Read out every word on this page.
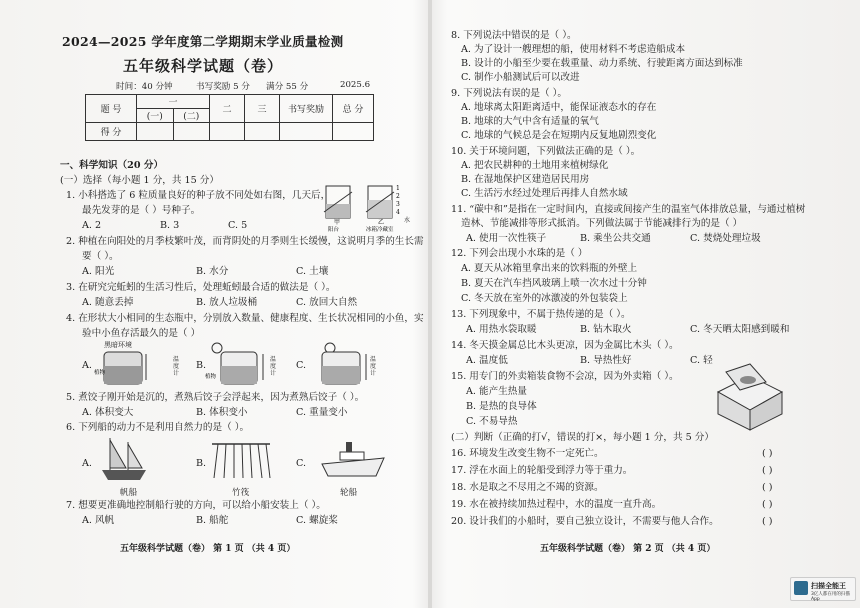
2024—2025 学年度第二学期期末学业质量检测
五年级科学试题（卷）
时间：40 分钟	书写奖励 5 分 满分 55 分	2025.6
题 号	一		二	三	书写奖励	总 分
	(一)	(二)				
得 分						
一、科学知识（20 分）
(一）选择（每小题 1 分，共 15 分）
1. 小科搭选了 6 粒质量良好的种子放不同处如右图，几天后，
最先发芽的是（ ）号种子。
A. 2	B. 3	C. 5
1
2
3
4
甲	乙	水
阳台	冰箱冷藏室
2. 种植在向阳处的月季枝繁叶茂，而背阴处的月季则生长缓慢，这说明月季的生长需
要（ ）。
A. 阳光	B. 水分	C. 土壤
3. 在研究完蚯蚓的生活习性后，处理蚯蚓最合适的做法是（ ）。
A. 随意丢掉	B. 放人垃圾桶	C. 放回大自然
4. 在形状大小相同的生态瓶中，分别放入数量、健康程度、生长状况相同的小鱼，实
验中小鱼存活最久的是（ ）
黑暗环境
A.	B.	C.
植物
植物
温度计
温度计
温度计
5. 煮饺子刚开始是沉的，煮熟后饺子会浮起来，因为煮熟后饺子（ ）。
A. 体积变大	B. 体积变小	C. 重量变小
6. 下列船的动力不是利用自然力的是（ ）。
A.	B.	C.
帆船	竹筏	轮船
7. 想要更准确地控制船行驶的方向，可以给小船安装上（ ）。
A. 风帆	B. 船舵	C. 螺旋桨
五年级科学试题（卷） 第 1 页 （共 4 页）
8. 下列说法中错误的是（ ）。
A. 为了设计一艘理想的船，使用材料不考虑造船成本
B. 设计的小船至少要在载重量、动力系统、行驶距离方面达到标准
C. 制作小船测试后可以改进
9. 下列说法有误的是（ ）。
A. 地球离太阳距离适中，能保证液态水的存在
B. 地球的大气中含有适量的氧气
C. 地球的气候总是会在短期内反复地剧烈变化
10. 关于环境问题，下列做法正确的是（ ）。
A. 把农民耕种的土地用来植树绿化
B. 在湿地保护区建造居民用房
C. 生活污水经过处理后再排人自然水域
11. “碳中和”是指在一定时间内，直接或间接产生的温室气体排放总量，与通过植树
造林、节能减排等形式抵消。下列做法属于节能减排行为的是（ ）
A. 使用一次性筷子	B. 乘坐公共交通	C. 焚烧处理垃圾
12. 下列会出现小水珠的是（ ）
A. 夏天从冰箱里拿出来的饮料瓶的外壁上
B. 夏天在汽车挡风玻璃上喷一次水过十分钟
C. 冬天放在室外的冰激凌的外包装袋上
13. 下列现象中，不属于热传递的是（ ）。
A. 用热水袋取暖	B. 钻木取火	C. 冬天晒太阳感到暖和
14. 冬天摸金属总比木头更凉，因为金属比木头（ ）。
A. 温度低	B. 导热性好	C. 轻
15. 用专门的外卖箱装食物不会凉，因为外卖箱（ ）。
A. 能产生热量
B. 是热的良导体
C. 不易导热
(二）判断（正确的打√，错误的打×，每小题 1 分，共 5 分）
16. 环境发生改变生物不一定死亡。
17. 浮在水面上的轮船受到浮力等于重力。
18. 水是取之不尽用之不竭的资源。
19. 水在被持续加热过程中，水的温度一直升高。
20. 设计我们的小船时，要自己独立设计，不需要与他人合作。
( )
( )
( )
( )
( )
五年级科学试题（卷） 第 2 页 （共 4 页）
扫描全能王
3亿人都在用的扫描App
